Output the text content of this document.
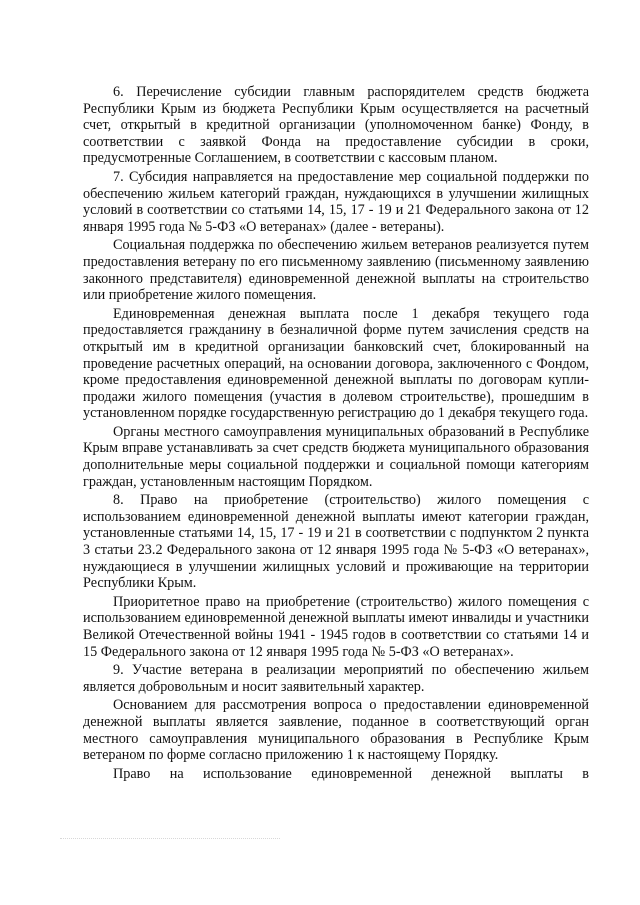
6. Перечисление субсидии главным распорядителем средств бюджета Республики Крым из бюджета Республики Крым осуществляется на расчетный счет, открытый в кредитной организации (уполномоченном банке) Фонду, в соответствии с заявкой Фонда на предоставление субсидии в сроки, предусмотренные Соглашением, в соответствии с кассовым планом.

7. Субсидия направляется на предоставление мер социальной поддержки по обеспечению жильем категорий граждан, нуждающихся в улучшении жилищных условий в соответствии со статьями 14, 15, 17 - 19 и 21 Федерального закона от 12 января 1995 года № 5-ФЗ «О ветеранах» (далее - ветераны).

Социальная поддержка по обеспечению жильем ветеранов реализуется путем предоставления ветерану по его письменному заявлению (письменному заявлению законного представителя) единовременной денежной выплаты на строительство или приобретение жилого помещения.

Единовременная денежная выплата после 1 декабря текущего года предоставляется гражданину в безналичной форме путем зачисления средств на открытый им в кредитной организации банковский счет, блокированный на проведение расчетных операций, на основании договора, заключенного с Фондом, кроме предоставления единовременной денежной выплаты по договорам купли-продажи жилого помещения (участия в долевом строительстве), прошедшим в установленном порядке государственную регистрацию до 1 декабря текущего года.

Органы местного самоуправления муниципальных образований в Республике Крым вправе устанавливать за счет средств бюджета муниципального образования дополнительные меры социальной поддержки и социальной помощи категориям граждан, установленным настоящим Порядком.

8. Право на приобретение (строительство) жилого помещения с использованием единовременной денежной выплаты имеют категории граждан, установленные статьями 14, 15, 17 - 19 и 21 в соответствии с подпунктом 2 пункта 3 статьи 23.2 Федерального закона от 12 января 1995 года № 5-ФЗ «О ветеранах», нуждающиеся в улучшении жилищных условий и проживающие на территории Республики Крым.

Приоритетное право на приобретение (строительство) жилого помещения с использованием единовременной денежной выплаты имеют инвалиды и участники Великой Отечественной войны 1941 - 1945 годов в соответствии со статьями 14 и 15 Федерального закона от 12 января 1995 года № 5-ФЗ «О ветеранах».

9. Участие ветерана в реализации мероприятий по обеспечению жильем является добровольным и носит заявительный характер.

Основанием для рассмотрения вопроса о предоставлении единовременной денежной выплаты является заявление, поданное в соответствующий орган местного самоуправления муниципального образования в Республике Крым ветераном по форме согласно приложению 1 к настоящему Порядку.

Право на использование единовременной денежной выплаты в
